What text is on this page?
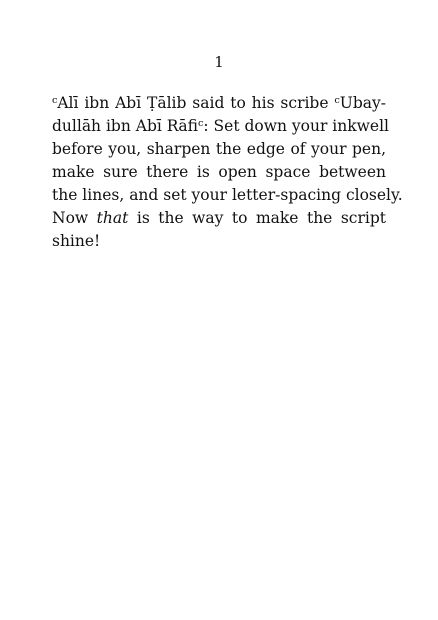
1
ᶜAlī ibn Abī Ṭālib said to his scribe ᶜUbay-
dullāh ibn Abī Rāfiᶜ: Set down your inkwell
before you, sharpen the edge of your pen,
make sure there is open space between
the lines, and set your letter-spacing closely.
Now that is the way to make the script
shine!
